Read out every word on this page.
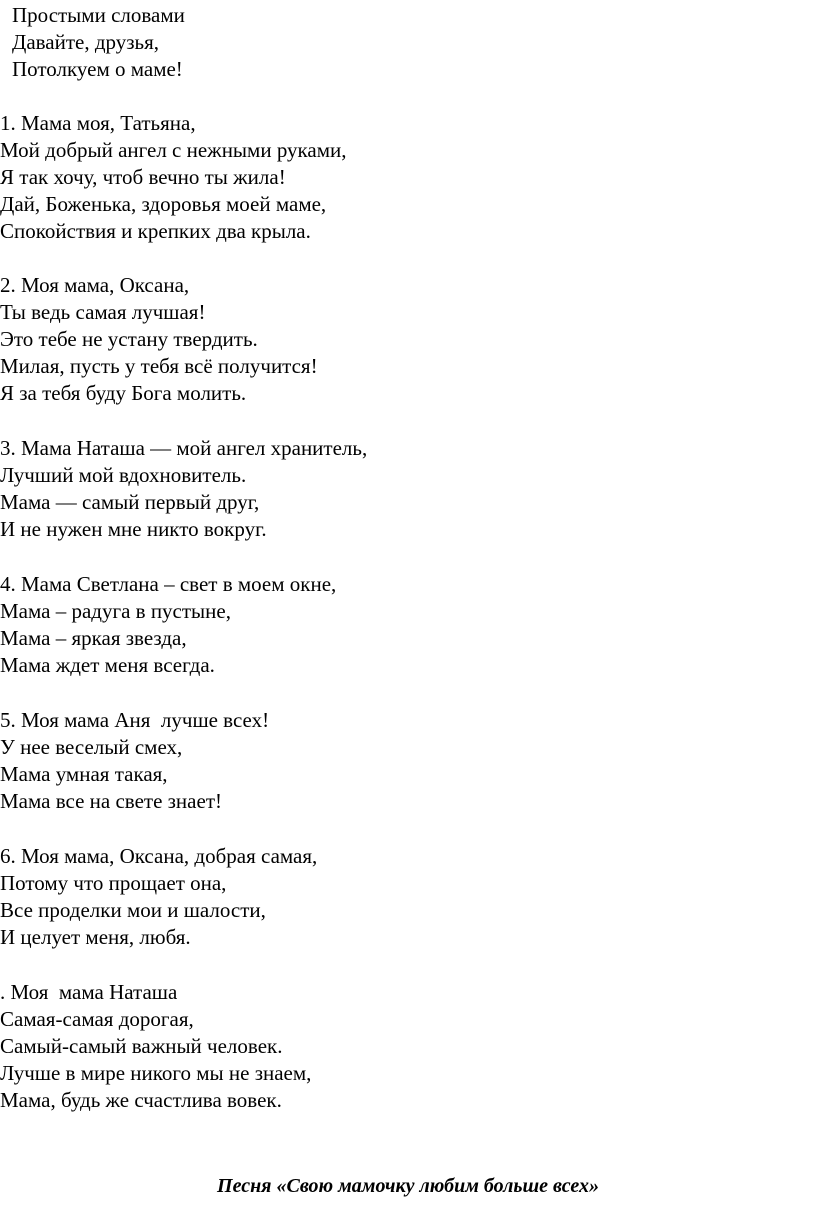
Простыми словами
Давайте, друзья,
Потолкуем о маме!
1. Мама моя, Татьяна,
Мой добрый ангел с нежными руками,
Я так хочу, чтоб вечно ты жила!
Дай, Боженька, здоровья моей маме,
Спокойствия и крепких два крыла.
2. Моя мама, Оксана,
Ты ведь самая лучшая!
Это тебе не устану твердить.
Милая, пусть у тебя всё получится!
Я за тебя буду Бога молить.
3. Мама Наташа — мой ангел хранитель,
Лучший мой вдохновитель.
Мама — самый первый друг,
И не нужен мне никто вокруг.
4. Мама Светлана – свет в моем окне,
Мама – радуга в пустыне,
Мама – яркая звезда,
Мама ждет меня всегда.
5. Моя мама Аня  лучше всех!
У нее веселый смех,
Мама умная такая,
Мама все на свете знает!
6. Моя мама, Оксана, добрая самая,
Потому что прощает она,
Все проделки мои и шалости,
И целует меня, любя.
. Моя  мама Наташа
Самая-самая дорогая,
Самый-самый важный человек.
Лучше в мире никого мы не знаем,
Мама, будь же счастлива вовек.
Песня «Свою мамочку любим больше всех»
